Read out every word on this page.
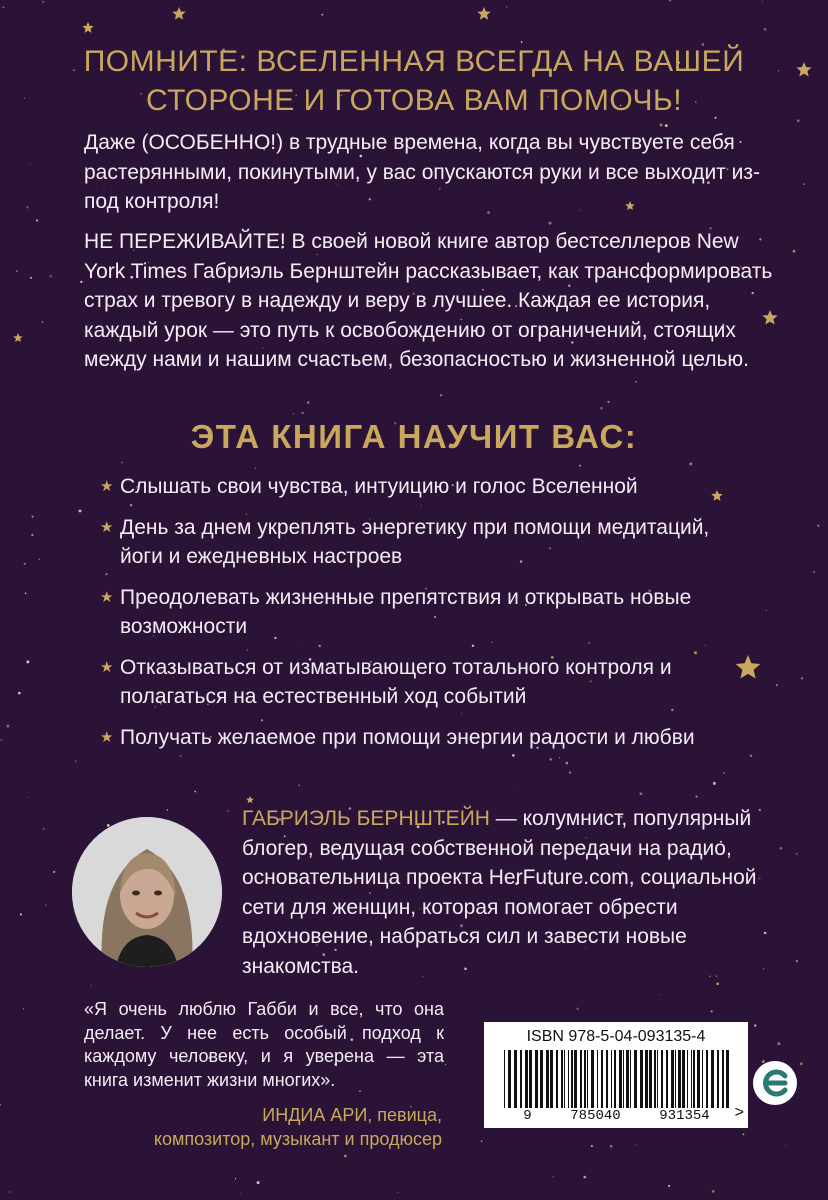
ПОМНИТЕ: ВСЕЛЕННАЯ ВСЕГДА НА ВАШЕЙ
СТОРОНЕ И ГОТОВА ВАМ ПОМОЧЬ!
Даже (ОСОБЕННО!) в трудные времена, когда вы чувствуете себя растерянными, покинутыми, у вас опускаются руки и все выходит из-под контроля!
НЕ ПЕРЕЖИВАЙТЕ! В своей новой книге автор бестселлеров New York Times Габриэль Бернштейн рассказывает, как трансформировать страх и тревогу в надежду и веру в лучшее. Каждая ее история, каждый урок — это путь к освобождению от ограничений, стоящих между нами и нашим счастьем, безопасностью и жизненной целью.
ЭТА КНИГА НАУЧИТ ВАС:
★ Слышать свои чувства, интуицию и голос Вселенной
★ День за днем укреплять энергетику при помощи медитаций, йоги и ежедневных настроев
★ Преодолевать жизненные препятствия и открывать новые возможности
★ Отказываться от изматывающего тотального контроля и полагаться на естественный ход событий
★ Получать желаемое при помощи энергии радости и любви
ГАБРИЭЛЬ БЕРНШТЕЙН — колумнист, популярный блогер, ведущая собственной передачи на радио, основательница проекта HerFuture.com, социальной сети для женщин, которая помогает обрести вдохновение, набраться сил и завести новые знакомства.
«Я очень люблю Габби и все, что она делает. У нее есть особый подход к каждому человеку, и я уверена — эта книга изменит жизни многих».
ИНДИА АРИ, певица,
композитор, музыкант и продюсер
ISBN 978-5-04-093135-4
9	785040	931354 >
